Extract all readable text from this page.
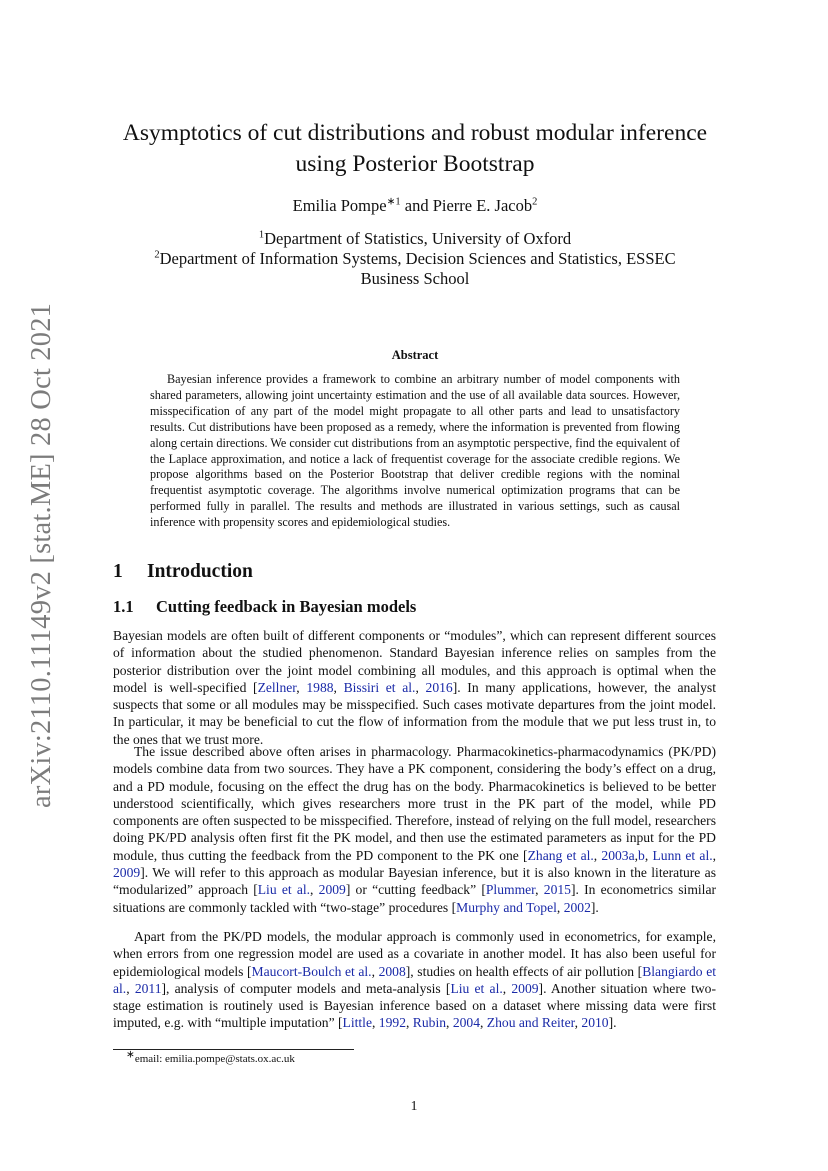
arXiv:2110.11149v2 [stat.ME] 28 Oct 2021
Asymptotics of cut distributions and robust modular inference
using Posterior Bootstrap
Emilia Pompe$^{∗1}$ and Pierre E. Jacob$^2$
$^1$Department of Statistics, University of Oxford
$^2$Department of Information Systems, Decision Sciences and Statistics, ESSEC
Business School
Abstract

Bayesian inference provides a framework to combine an arbitrary number of model components with shared parameters, allowing joint uncertainty estimation and the use of all available data sources. However, misspecification of any part of the model might propagate to all other parts and lead to unsatisfactory results. Cut distributions have been proposed as a remedy, where the information is prevented from flowing along certain directions. We consider cut distributions from an asymptotic perspective, find the equivalent of the Laplace approximation, and notice a lack of frequentist coverage for the associate credible regions. We propose algorithms based on the Posterior Bootstrap that deliver credible regions with the nominal frequentist asymptotic coverage. The algorithms involve numerical optimization programs that can be performed fully in parallel. The results and methods are illustrated in various settings, such as causal inference with propensity scores and epidemiological studies.

1 Introduction
1.1 Cutting feedback in Bayesian models

Bayesian models are often built of different components or “modules”, which can represent different sources of information about the studied phenomenon. Standard Bayesian inference relies on samples from the posterior distribution over the joint model combining all modules, and this approach is optimal when the model is well-specified [Zellner, 1988, Bissiri et al., 2016]. In many applications, however, the analyst suspects that some or all modules may be misspecified. Such cases motivate departures from the joint model. In particular, it may be beneficial to cut the flow of information from the module that we put less trust in, to the ones that we trust more.

The issue described above often arises in pharmacology. Pharmacokinetics-pharmacodynamics (PK/PD) models combine data from two sources. They have a PK component, considering the body’s effect on a drug, and a PD module, focusing on the effect the drug has on the body. Pharmacokinetics is believed to be better understood scientifically, which gives researchers more trust in the PK part of the model, while PD components are often suspected to be misspecified. Therefore, instead of relying on the full model, researchers doing PK/PD analysis often first fit the PK model, and then use the estimated parameters as input for the PD module, thus cutting the feedback from the PD component to the PK one [Zhang et al., 2003a,b, Lunn et al., 2009]. We will refer to this approach as modular Bayesian inference, but it is also known in the literature as “modularized” approach [Liu et al., 2009] or “cutting feedback” [Plummer, 2015]. In econometrics similar situations are commonly tackled with “two-stage” procedures [Murphy and Topel, 2002].

Apart from the PK/PD models, the modular approach is commonly used in econometrics, for example, when errors from one regression model are used as a covariate in another model. It has also been useful for epidemiological models [Maucort-Boulch et al., 2008], studies on health effects of air pollution [Blangiardo et al., 2011], analysis of computer models and meta-analysis [Liu et al., 2009]. Another situation where two-stage estimation is routinely used is Bayesian inference based on a dataset where missing data were first imputed, e.g. with “multiple imputation” [Little, 1992, Rubin, 2004, Zhou and Reiter, 2010].

∗email: emilia.pompe@stats.ox.ac.uk
1
